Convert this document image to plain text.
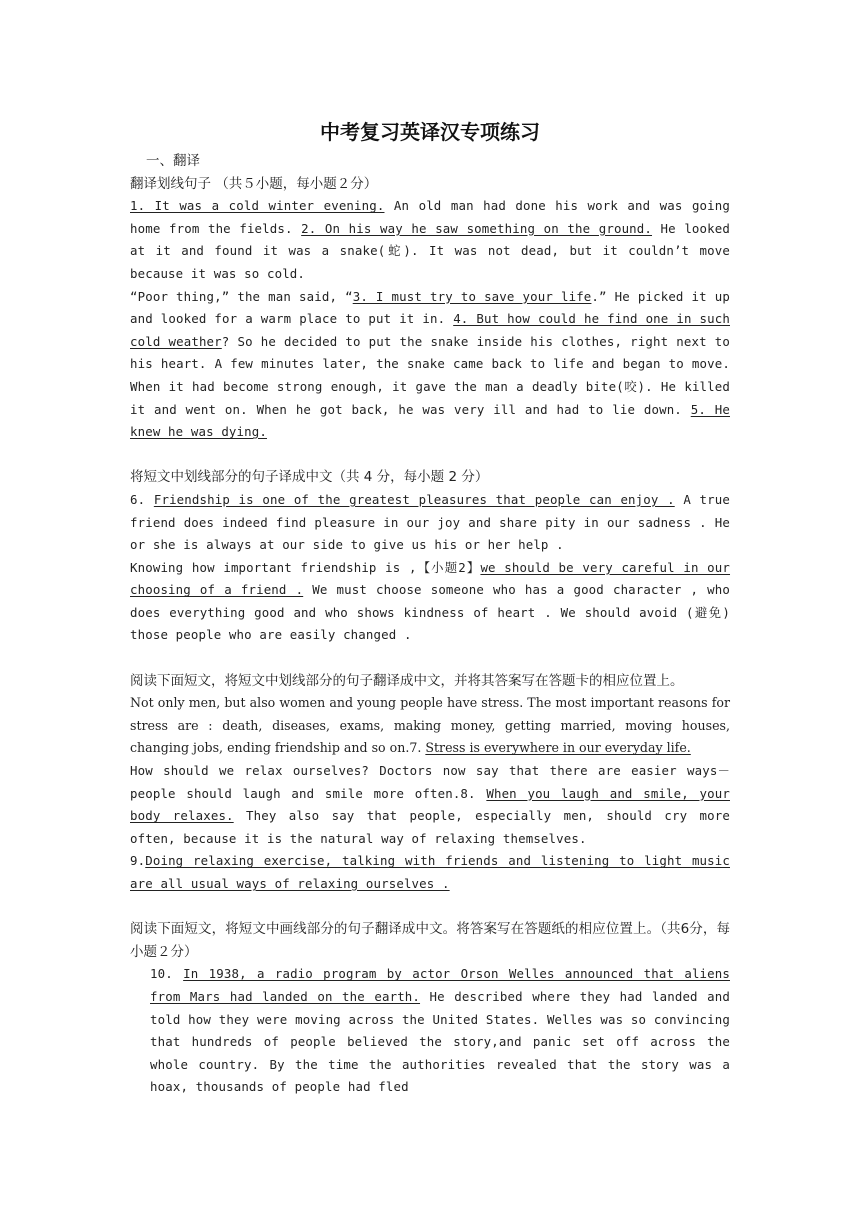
中考复习英译汉专项练习

一、翻译

翻译划线句子 （共５小题，每小题２分）

1. It was a cold winter evening. An old man had done his work and was going home from the fields. 2. On his way he saw something on the ground. He looked at it and found it was a snake(蛇). It was not dead, but it couldn’t move because it was so cold.

“Poor thing,” the man said, “3. I must try to save your life.” He picked it up and looked for a warm place to put it in. 4. But how could he find one in such cold weather? So he decided to put the snake inside his clothes, right next to his heart. A few minutes later, the snake came back to life and began to move. When it had become strong enough, it gave the man a deadly bite(咬). He killed it and went on. When he got back, he was very ill and had to lie down. 5. He knew he was dying.

将短文中划线部分的句子译成中文（共 4 分，每小题 2 分）

6. Friendship is one of the greatest pleasures that people can enjoy . A true friend does indeed find pleasure in our joy and share pity in our sadness . He or she is always at our side to give us his or her help .

Knowing how important friendship is ,【小题2】we should be very careful in our choosing of a friend . We must choose someone who has a good character , who does everything good and who shows kindness of heart . We should avoid (避免) those people who are easily changed .

阅读下面短文，将短文中划线部分的句子翻译成中文，并将其答案写在答题卡的相应位置上。

Not only men, but also women and young people have stress. The most important reasons for stress are : death, diseases, exams, making money, getting married, moving houses, changing jobs, ending friendship and so on.7. Stress is everywhere in our everyday life.

How should we relax ourselves? Doctors now say that there are easier ways－people should laugh and smile more often.8. When you laugh and smile, your body relaxes. They also say that people, especially men, should cry more often, because it is the natural way of relaxing themselves.

9.Doing relaxing exercise, talking with friends and listening to light music are all usual ways of relaxing ourselves .

阅读下面短文，将短文中画线部分的句子翻译成中文。将答案写在答题纸的相应位置上。（共6分，每小题２分）

10. In 1938, a radio program by actor Orson Welles announced that aliens from Mars had landed on the earth. He described where they had landed and told how they were moving across the United States. Welles was so convincing that hundreds of people believed the story,and panic set off across the whole country. By the time the authorities revealed that the story was a hoax, thousands of people had fled
